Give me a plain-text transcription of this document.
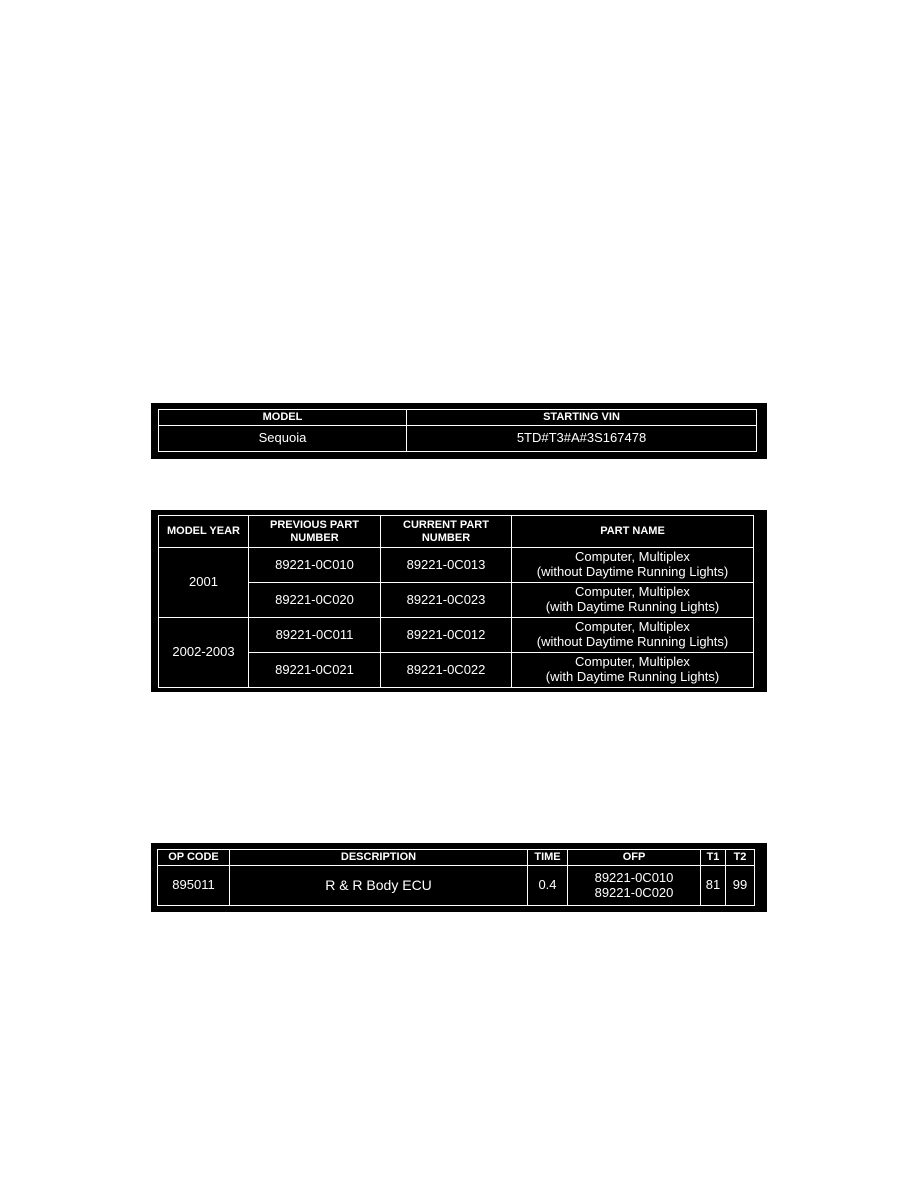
MODEL	STARTING VIN
Sequoia	5TD#T3#A#3S167478
MODEL YEAR	PREVIOUS PART NUMBER	CURRENT PART NUMBER	PART NAME
2001	89221-0C010	89221-0C013	Computer, Multiplex
(without Daytime Running Lights)

	89221-0C020	89221-0C023	Computer, Multiplex
(with Daytime Running Lights)

2002-2003	89221-0C011	89221-0C012	Computer, Multiplex
(without Daytime Running Lights)

	89221-0C021	89221-0C022	Computer, Multiplex
(with Daytime Running Lights)
OP CODE	DESCRIPTION	TIME	OFP	T1	T2
895011	R & R Body ECU	0.4	89221-0C010
89221-0C020	81	99
